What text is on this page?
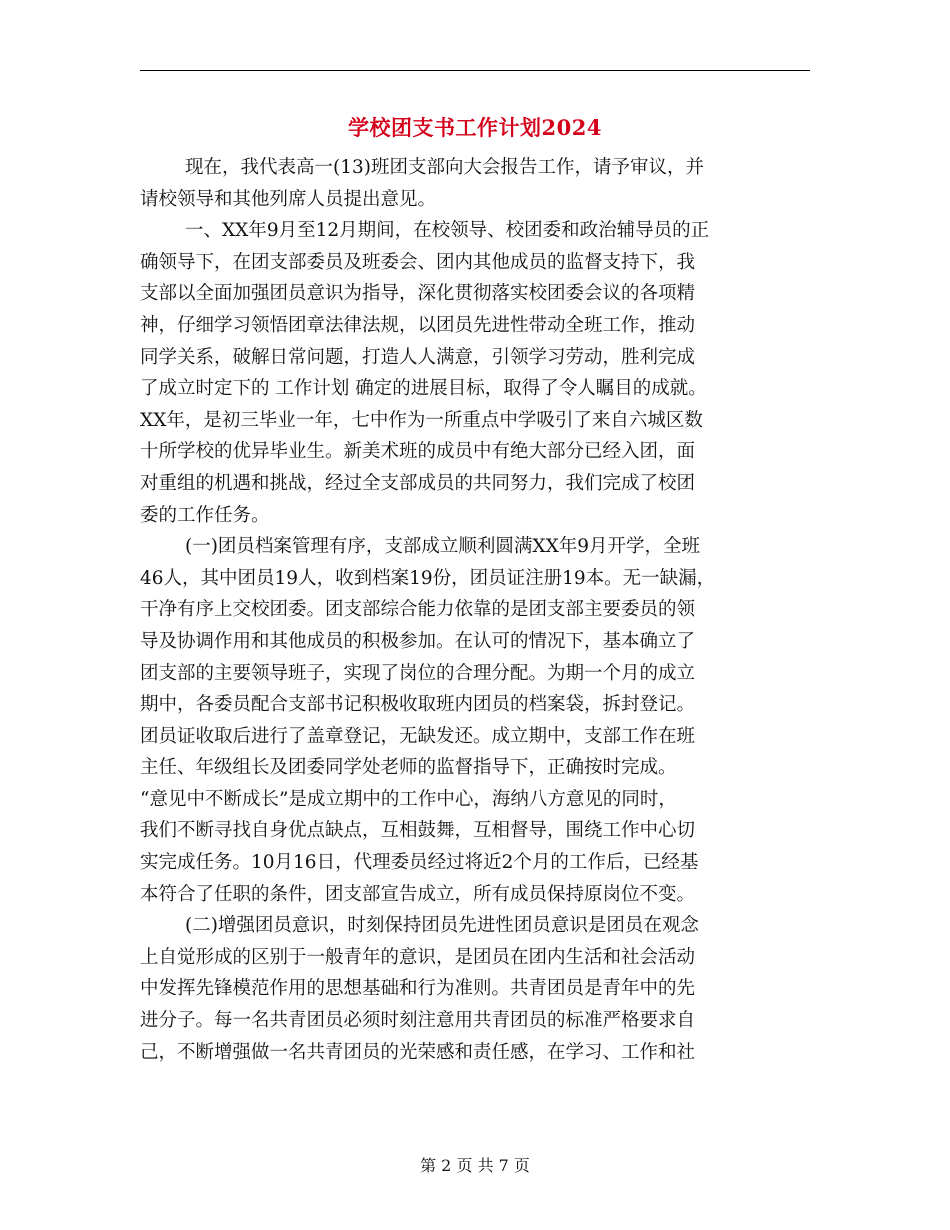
学校团支书工作计划2024
现在，我代表高一(13)班团支部向大会报告工作，请予审议，并
请校领导和其他列席人员提出意见。
一、XX年9月至12月期间，在校领导、校团委和政治辅导员的正
确领导下，在团支部委员及班委会、团内其他成员的监督支持下，我
支部以全面加强团员意识为指导，深化贯彻落实校团委会议的各项精
神，仔细学习领悟团章法律法规，以团员先进性带动全班工作，推动
同学关系，破解日常问题，打造人人满意，引领学习劳动，胜利完成
了成立时定下的 工作计划 确定的进展目标，取得了令人瞩目的成就。
XX年，是初三毕业一年，七中作为一所重点中学吸引了来自六城区数
十所学校的优异毕业生。新美术班的成员中有绝大部分已经入团，面
对重组的机遇和挑战，经过全支部成员的共同努力，我们完成了校团
委的工作任务。
(一)团员档案管理有序，支部成立顺利圆满XX年9月开学，全班
46人，其中团员19人，收到档案19份，团员证注册19本。无一缺漏，
干净有序上交校团委。团支部综合能力依靠的是团支部主要委员的领
导及协调作用和其他成员的积极参加。在认可的情况下，基本确立了
团支部的主要领导班子，实现了岗位的合理分配。为期一个月的成立
期中，各委员配合支部书记积极收取班内团员的档案袋，拆封登记。
团员证收取后进行了盖章登记，无缺发还。成立期中，支部工作在班
主任、年级组长及团委同学处老师的监督指导下，正确按时完成。
“意见中不断成长”是成立期中的工作中心，海纳八方意见的同时，
我们不断寻找自身优点缺点，互相鼓舞，互相督导，围绕工作中心切
实完成任务。10月16日，代理委员经过将近2个月的工作后，已经基
本符合了任职的条件，团支部宣告成立，所有成员保持原岗位不变。
(二)增强团员意识，时刻保持团员先进性团员意识是团员在观念
上自觉形成的区别于一般青年的意识，是团员在团内生活和社会活动
中发挥先锋模范作用的思想基础和行为准则。共青团员是青年中的先
进分子。每一名共青团员必须时刻注意用共青团员的标准严格要求自
己，不断增强做一名共青团员的光荣感和责任感，在学习、工作和社
第 2 页 共 7 页
